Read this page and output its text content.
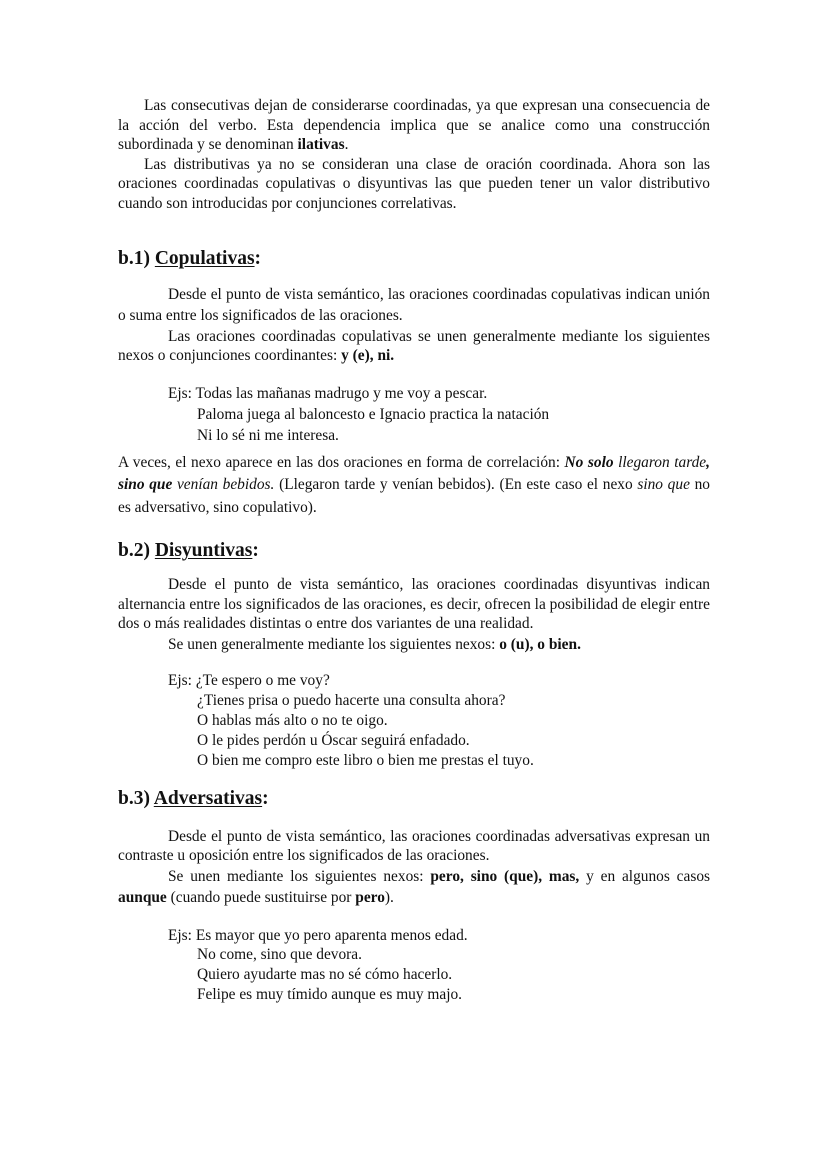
Las consecutivas dejan de considerarse coordinadas, ya que expresan una consecuencia de la acción del verbo. Esta dependencia implica que se analice como una construcción subordinada y se denominan ilativas.

Las distributivas ya no se consideran una clase de oración coordinada. Ahora son las oraciones coordinadas copulativas o disyuntivas las que pueden tener un valor distributivo cuando son introducidas por conjunciones correlativas.

b.1) Copulativas:

Desde el punto de vista semántico, las oraciones coordinadas copulativas indican unión o suma entre los significados de las oraciones.

Las oraciones coordinadas copulativas se unen generalmente mediante los siguientes nexos o conjunciones coordinantes: y (e), ni.

Ejs: Todas las mañanas madrugo y me voy a pescar.
Paloma juega al baloncesto e Ignacio practica la natación
Ni lo sé ni me interesa.

A veces, el nexo aparece en las dos oraciones en forma de correlación: No solo llegaron tarde, sino que venían bebidos. (Llegaron tarde y venían bebidos). (En este caso el nexo sino que no es adversativo, sino copulativo).

b.2) Disyuntivas:

Desde el punto de vista semántico, las oraciones coordinadas disyuntivas indican alternancia entre los significados de las oraciones, es decir, ofrecen la posibilidad de elegir entre dos o más realidades distintas o entre dos variantes de una realidad.

Se unen generalmente mediante los siguientes nexos: o (u), o bien.

Ejs: ¿Te espero o me voy?
¿Tienes prisa o puedo hacerte una consulta ahora?
O hablas más alto o no te oigo.
O le pides perdón u Óscar seguirá enfadado.
O bien me compro este libro o bien me prestas el tuyo.
b.3) Adversativas:

Desde el punto de vista semántico, las oraciones coordinadas adversativas expresan un contraste u oposición entre los significados de las oraciones.

Se unen mediante los siguientes nexos: pero, sino (que), mas, y en algunos casos aunque (cuando puede sustituirse por pero).

Ejs: Es mayor que yo pero aparenta menos edad.
No come, sino que devora.
Quiero ayudarte mas no sé cómo hacerlo.
Felipe es muy tímido aunque es muy majo.
